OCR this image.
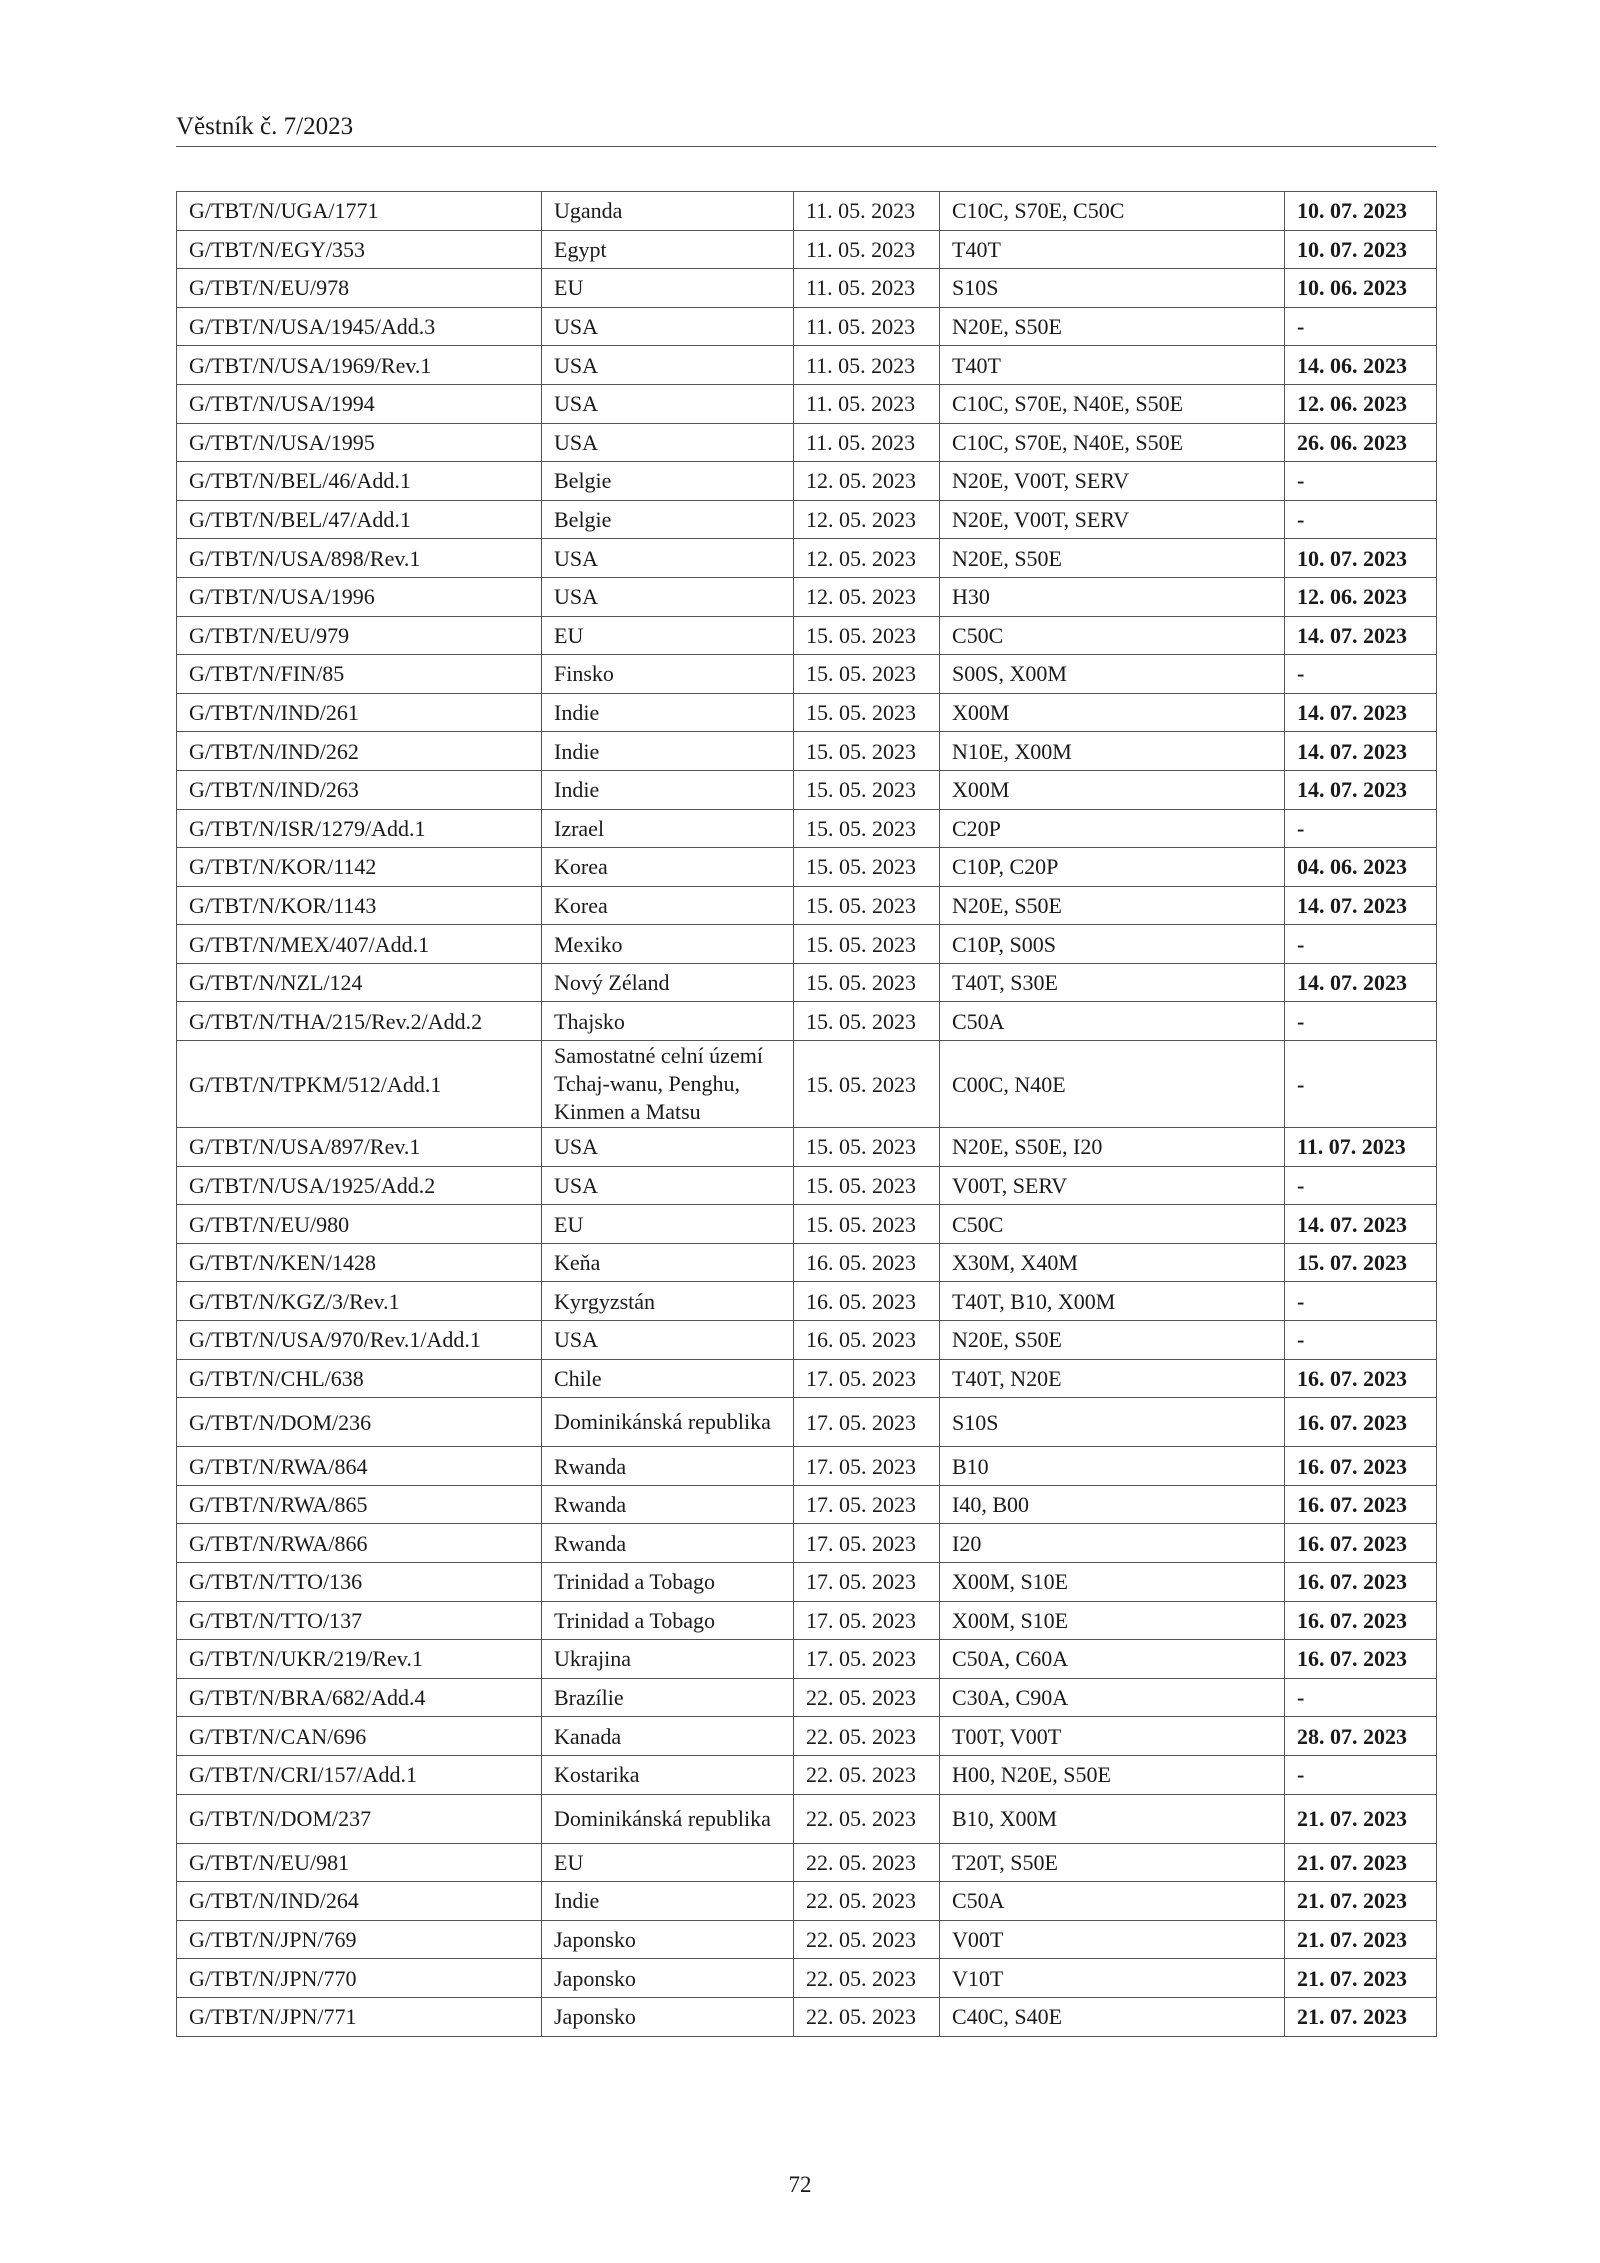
Věstník č. 7/2023
G/TBT/N/UGA/1771	Uganda	11. 05. 2023	C10C, S70E, C50C	10. 07. 2023
G/TBT/N/EGY/353	Egypt	11. 05. 2023	T40T	10. 07. 2023
G/TBT/N/EU/978	EU	11. 05. 2023	S10S	10. 06. 2023
G/TBT/N/USA/1945/Add.3	USA	11. 05. 2023	N20E, S50E	-
G/TBT/N/USA/1969/Rev.1	USA	11. 05. 2023	T40T	14. 06. 2023
G/TBT/N/USA/1994	USA	11. 05. 2023	C10C, S70E, N40E, S50E	12. 06. 2023
G/TBT/N/USA/1995	USA	11. 05. 2023	C10C, S70E, N40E, S50E	26. 06. 2023
G/TBT/N/BEL/46/Add.1	Belgie	12. 05. 2023	N20E, V00T, SERV	-
G/TBT/N/BEL/47/Add.1	Belgie	12. 05. 2023	N20E, V00T, SERV	-
G/TBT/N/USA/898/Rev.1	USA	12. 05. 2023	N20E, S50E	10. 07. 2023
G/TBT/N/USA/1996	USA	12. 05. 2023	H30	12. 06. 2023
G/TBT/N/EU/979	EU	15. 05. 2023	C50C	14. 07. 2023
G/TBT/N/FIN/85	Finsko	15. 05. 2023	S00S, X00M	-
G/TBT/N/IND/261	Indie	15. 05. 2023	X00M	14. 07. 2023
G/TBT/N/IND/262	Indie	15. 05. 2023	N10E, X00M	14. 07. 2023
G/TBT/N/IND/263	Indie	15. 05. 2023	X00M	14. 07. 2023
G/TBT/N/ISR/1279/Add.1	Izrael	15. 05. 2023	C20P	-
G/TBT/N/KOR/1142	Korea	15. 05. 2023	C10P, C20P	04. 06. 2023
G/TBT/N/KOR/1143	Korea	15. 05. 2023	N20E, S50E	14. 07. 2023
G/TBT/N/MEX/407/Add.1	Mexiko	15. 05. 2023	C10P, S00S	-
G/TBT/N/NZL/124	Nový Zéland	15. 05. 2023	T40T, S30E	14. 07. 2023
G/TBT/N/THA/215/Rev.2/Add.2	Thajsko	15. 05. 2023	C50A	-
G/TBT/N/TPKM/512/Add.1	Samostatné celní území Tchaj-wanu, Penghu, Kinmen a Matsu	15. 05. 2023	C00C, N40E	-
G/TBT/N/USA/897/Rev.1	USA	15. 05. 2023	N20E, S50E, I20	11. 07. 2023
G/TBT/N/USA/1925/Add.2	USA	15. 05. 2023	V00T, SERV	-
G/TBT/N/EU/980	EU	15. 05. 2023	C50C	14. 07. 2023
G/TBT/N/KEN/1428	Keňa	16. 05. 2023	X30M, X40M	15. 07. 2023
G/TBT/N/KGZ/3/Rev.1	Kyrgyzstán	16. 05. 2023	T40T, B10, X00M	-
G/TBT/N/USA/970/Rev.1/Add.1	USA	16. 05. 2023	N20E, S50E	-
G/TBT/N/CHL/638	Chile	17. 05. 2023	T40T, N20E	16. 07. 2023
G/TBT/N/DOM/236	Dominikánská republika	17. 05. 2023	S10S	16. 07. 2023
G/TBT/N/RWA/864	Rwanda	17. 05. 2023	B10	16. 07. 2023
G/TBT/N/RWA/865	Rwanda	17. 05. 2023	I40, B00	16. 07. 2023
G/TBT/N/RWA/866	Rwanda	17. 05. 2023	I20	16. 07. 2023
G/TBT/N/TTO/136	Trinidad a Tobago	17. 05. 2023	X00M, S10E	16. 07. 2023
G/TBT/N/TTO/137	Trinidad a Tobago	17. 05. 2023	X00M, S10E	16. 07. 2023
G/TBT/N/UKR/219/Rev.1	Ukrajina	17. 05. 2023	C50A, C60A	16. 07. 2023
G/TBT/N/BRA/682/Add.4	Brazílie	22. 05. 2023	C30A, C90A	-
G/TBT/N/CAN/696	Kanada	22. 05. 2023	T00T, V00T	28. 07. 2023
G/TBT/N/CRI/157/Add.1	Kostarika	22. 05. 2023	H00, N20E, S50E	-
G/TBT/N/DOM/237	Dominikánská republika	22. 05. 2023	B10, X00M	21. 07. 2023
G/TBT/N/EU/981	EU	22. 05. 2023	T20T, S50E	21. 07. 2023
G/TBT/N/IND/264	Indie	22. 05. 2023	C50A	21. 07. 2023
G/TBT/N/JPN/769	Japonsko	22. 05. 2023	V00T	21. 07. 2023
G/TBT/N/JPN/770	Japonsko	22. 05. 2023	V10T	21. 07. 2023
G/TBT/N/JPN/771	Japonsko	22. 05. 2023	C40C, S40E	21. 07. 2023
72
